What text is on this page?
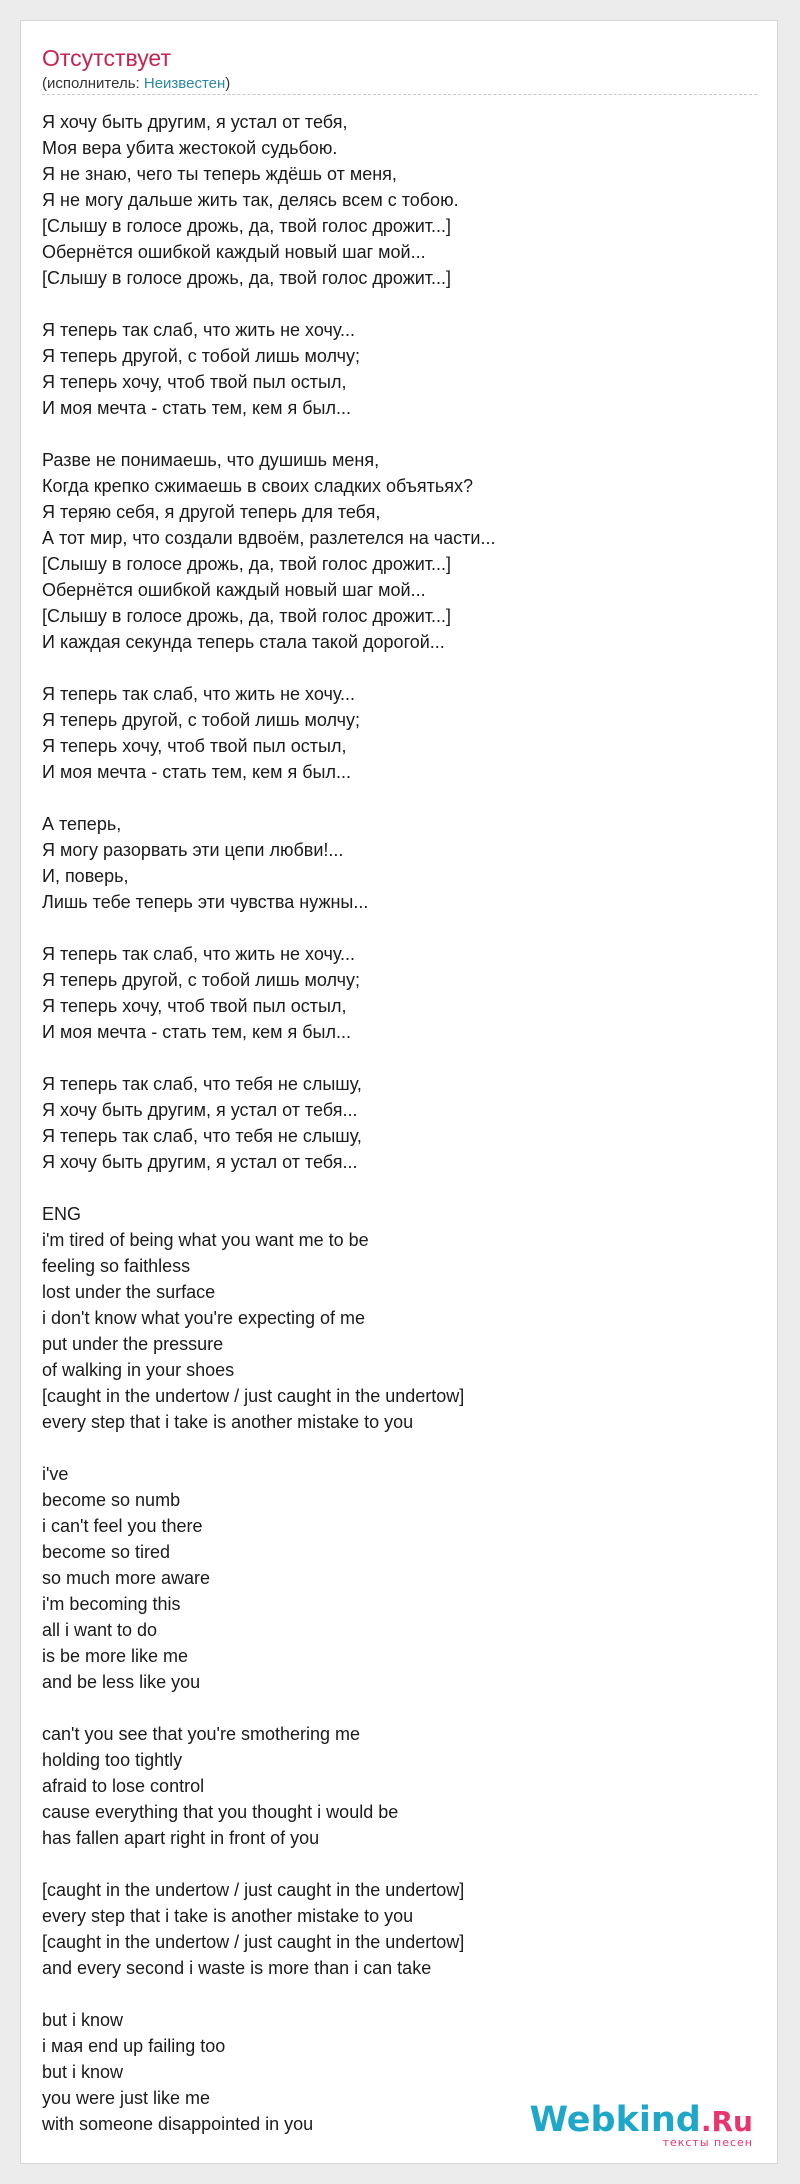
Отсутствует
(исполнитель: Неизвестен)
Я хочу быть другим, я устал от тебя,
Моя вера убита жестокой судьбою.
Я не знаю, чего ты теперь ждёшь от меня,
Я не могу дальше жить так, делясь всем с тобою.
[Слышу в голосе дрожь, да, твой голос дрожит...]
Обернётся ошибкой каждый новый шаг мой...
[Слышу в голосе дрожь, да, твой голос дрожит...]
Я теперь так слаб, что жить не хочу...
Я теперь другой, с тобой лишь молчу;
Я теперь хочу, чтоб твой пыл остыл,
И моя мечта - стать тем, кем я был...
Разве не понимаешь, что душишь меня,
Когда крепко сжимаешь в своих сладких объятьях?
Я теряю себя, я другой теперь для тебя,
А тот мир, что создали вдвоём, разлетелся на части...
[Слышу в голосе дрожь, да, твой голос дрожит...]
Обернётся ошибкой каждый новый шаг мой...
[Слышу в голосе дрожь, да, твой голос дрожит...]
И каждая секунда теперь стала такой дорогой...
Я теперь так слаб, что жить не хочу...
Я теперь другой, с тобой лишь молчу;
Я теперь хочу, чтоб твой пыл остыл,
И моя мечта - стать тем, кем я был...
А теперь,
Я могу разорвать эти цепи любви!...
И, поверь,
Лишь тебе теперь эти чувства нужны...
Я теперь так слаб, что жить не хочу...
Я теперь другой, с тобой лишь молчу;
Я теперь хочу, чтоб твой пыл остыл,
И моя мечта - стать тем, кем я был...
Я теперь так слаб, что тебя не слышу,
Я хочу быть другим, я устал от тебя...
Я теперь так слаб, что тебя не слышу,
Я хочу быть другим, я устал от тебя...
ENG
i'm tired of being what you want me to be
feeling so faithless
lost under the surface
i don't know what you're expecting of me
put under the pressure
of walking in your shoes
[caught in the undertow / just caught in the undertow]
every step that i take is another mistake to you
i've
become so numb
i can't feel you there
become so tired
so much more aware
i'm becoming this
all i want to do
is be more like me
and be less like you
can't you see that you're smothering me
holding too tightly
afraid to lose control
cause everything that you thought i would be
has fallen apart right in front of you
[caught in the undertow / just caught in the undertow]
every step that i take is another mistake to you
[caught in the undertow / just caught in the undertow]
and every second i waste is more than i can take
but i know
i мая end up failing too
but i know
you were just like me
with someone disappointed in you	Webkind.Ru
тексты песен
